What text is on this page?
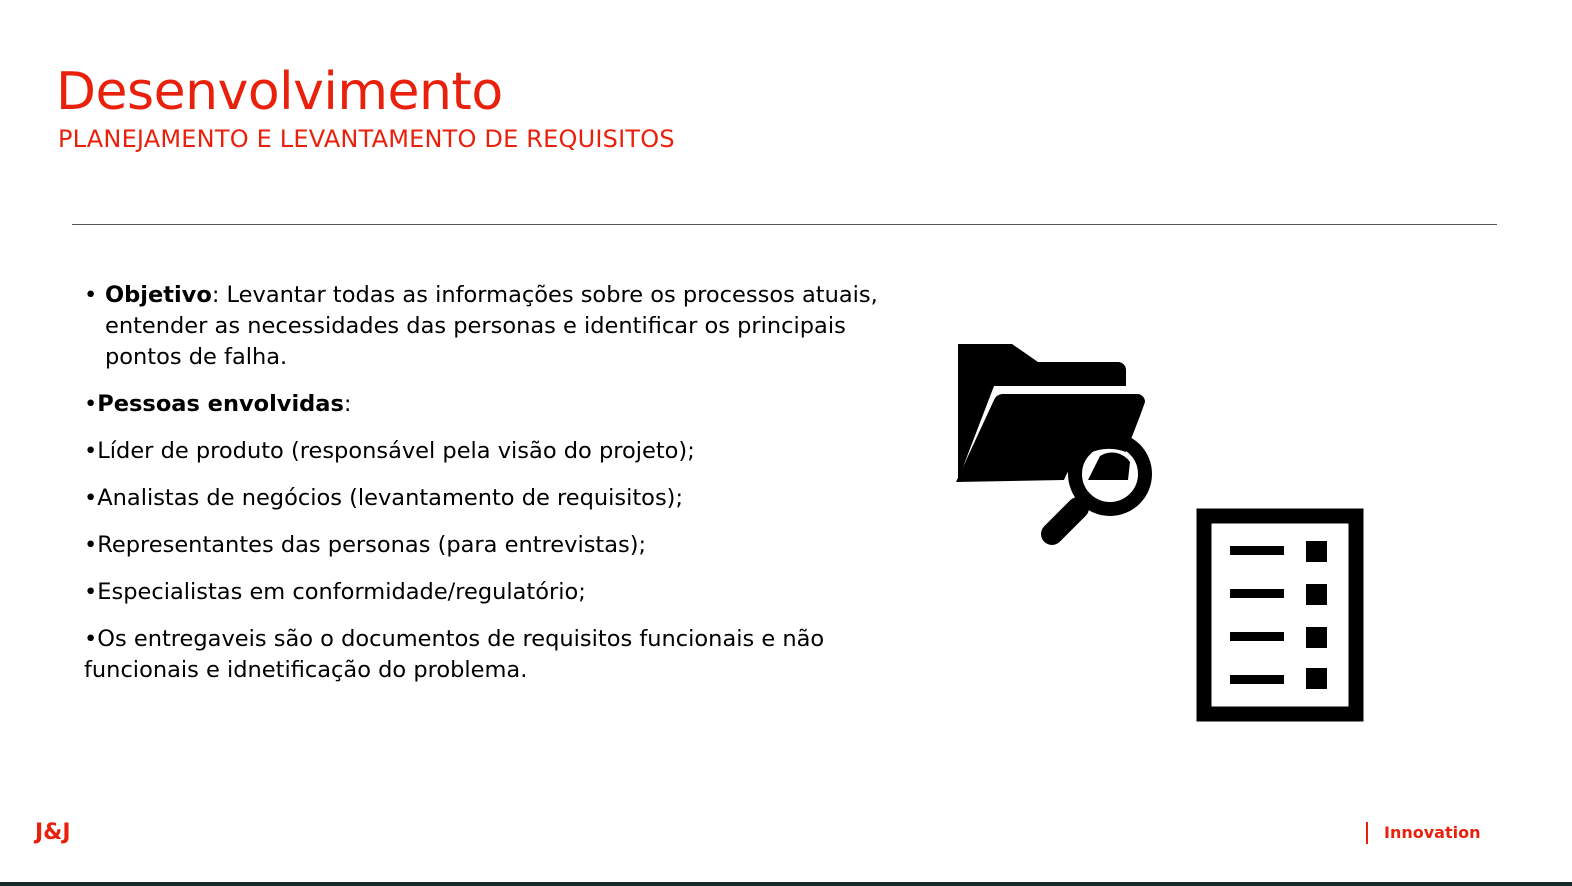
Desenvolvimento
PLANEJAMENTO E LEVANTAMENTO DE REQUISITOS

• Objetivo: Levantar todas as informações sobre os processos atuais, entender as necessidades das personas e identificar os principais pontos de falha.

•Pessoas envolvidas:

•Líder de produto (responsável pela visão do projeto);

•Analistas de negócios (levantamento de requisitos);

•Representantes das personas (para entrevistas);

•Especialistas em conformidade/regulatório;

•Os entregaveis são o documentos de requisitos funcionais e não funcionais e idnetificação do problema.

J&J	Innovation
